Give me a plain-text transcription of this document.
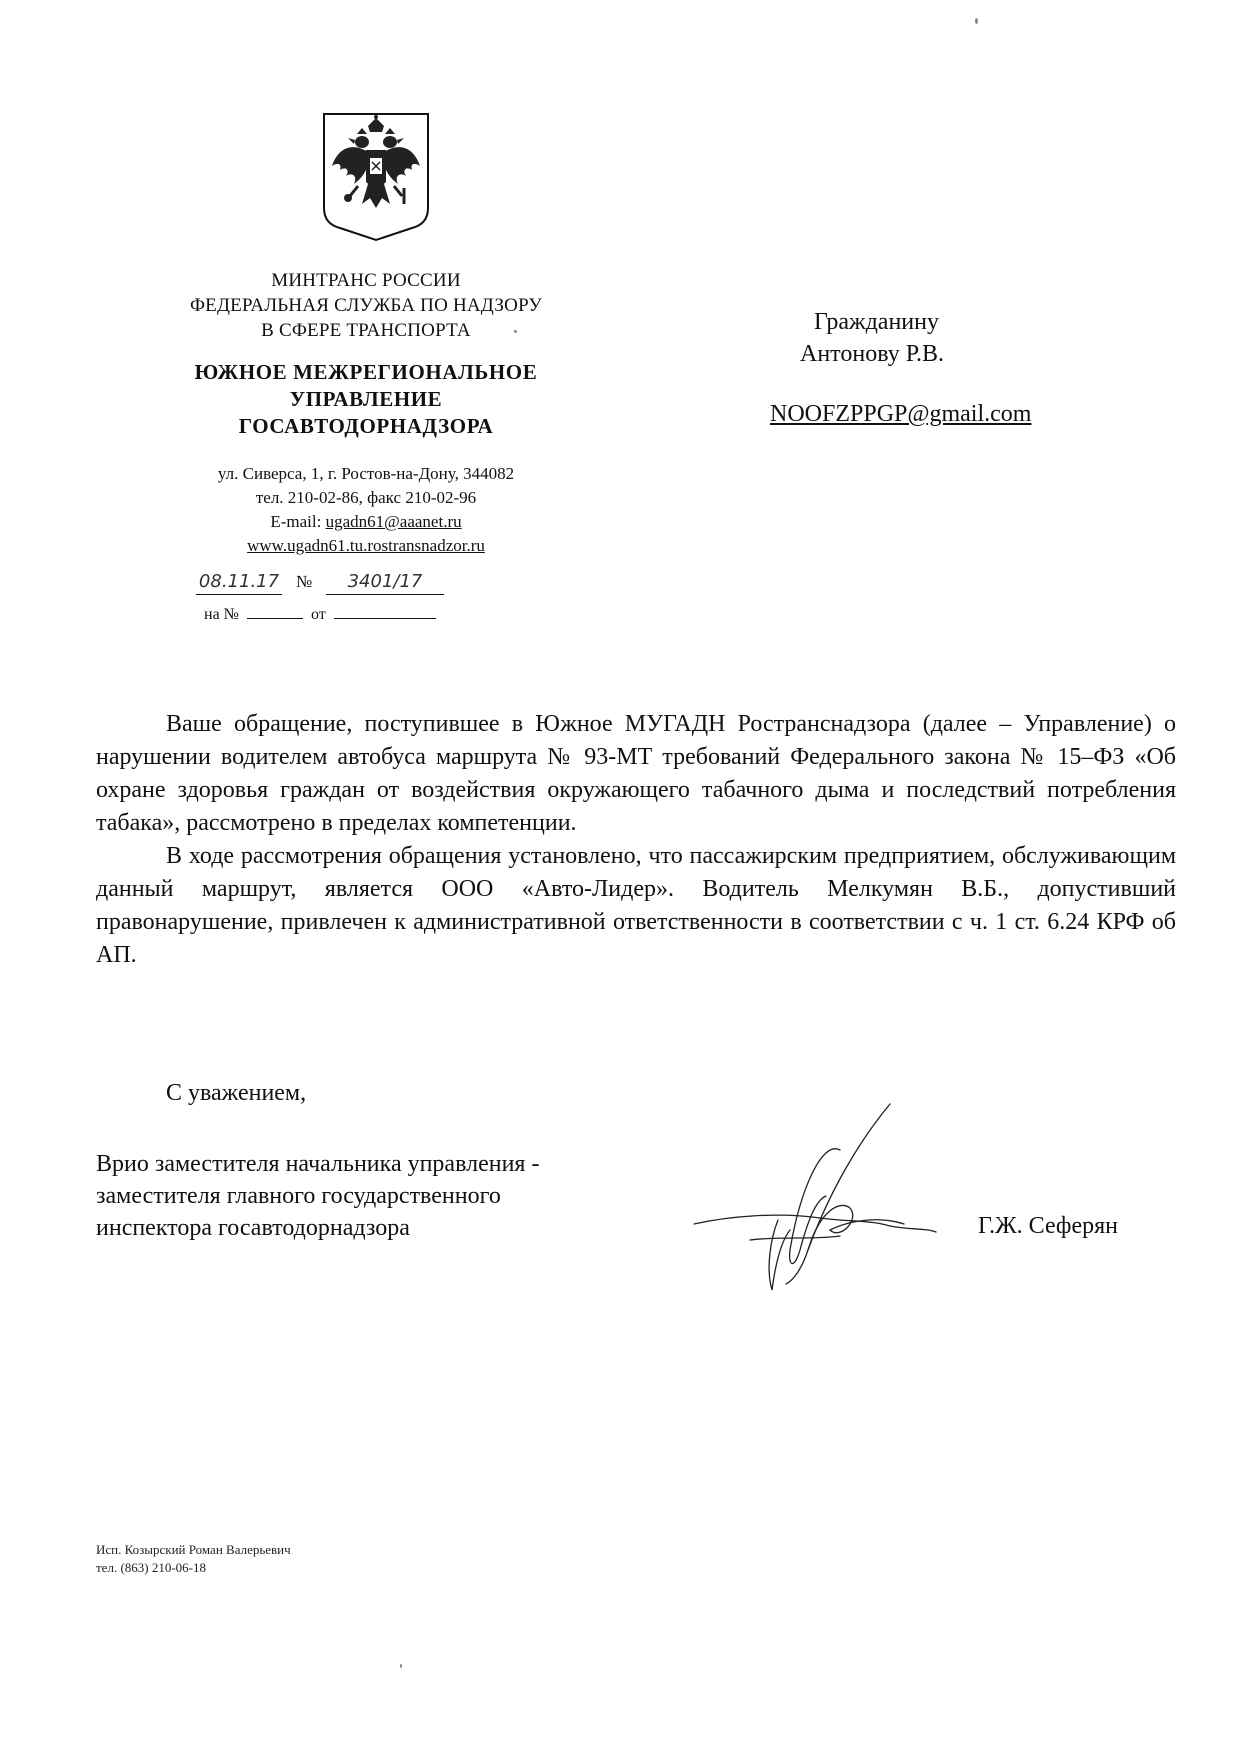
МИНТРАНС РОССИИ
ФЕДЕРАЛЬНАЯ СЛУЖБА ПО НАДЗОРУ
В СФЕРЕ ТРАНСПОРТА
ЮЖНОЕ МЕЖРЕГИОНАЛЬНОЕ
УПРАВЛЕНИЕ
ГОСАВТОДОРНАДЗОРА
ул. Сиверса, 1, г. Ростов-на-Дону, 344082
тел. 210-02-86, факс 210-02-96
E-mail: ugadn61@aaanet.ru
www.ugadn61.tu.rostransnadzor.ru
08.11.17 №	3401/17
на №	от
Гражданину
Антонову Р.В.
NOOFZPPGP@gmail.com

Ваше обращение, поступившее в Южное МУГАДН Ространснадзора (далее – Управление) о нарушении водителем автобуса маршрута № 93-МТ требований Федерального закона № 15–ФЗ «Об охране здоровья граждан от воздействия окружающего табачного дыма и последствий потребления табака», рассмотрено в пределах компетенции.

В ходе рассмотрения обращения установлено, что пассажирским предприятием, обслуживающим данный маршрут, является ООО «Авто-Лидер». Водитель Мелкумян В.Б., допустивший правонарушение, привлечен к административной ответственности в соответствии с ч. 1 ст. 6.24 КРФ об АП.

С уважением,
Врио заместителя начальника управления -
заместителя главного государственного
инспектора госавтодорнадзора	Г.Ж. Сеферян
Исп. Козырский Роман Валерьевич
тел. (863) 210-06-18
